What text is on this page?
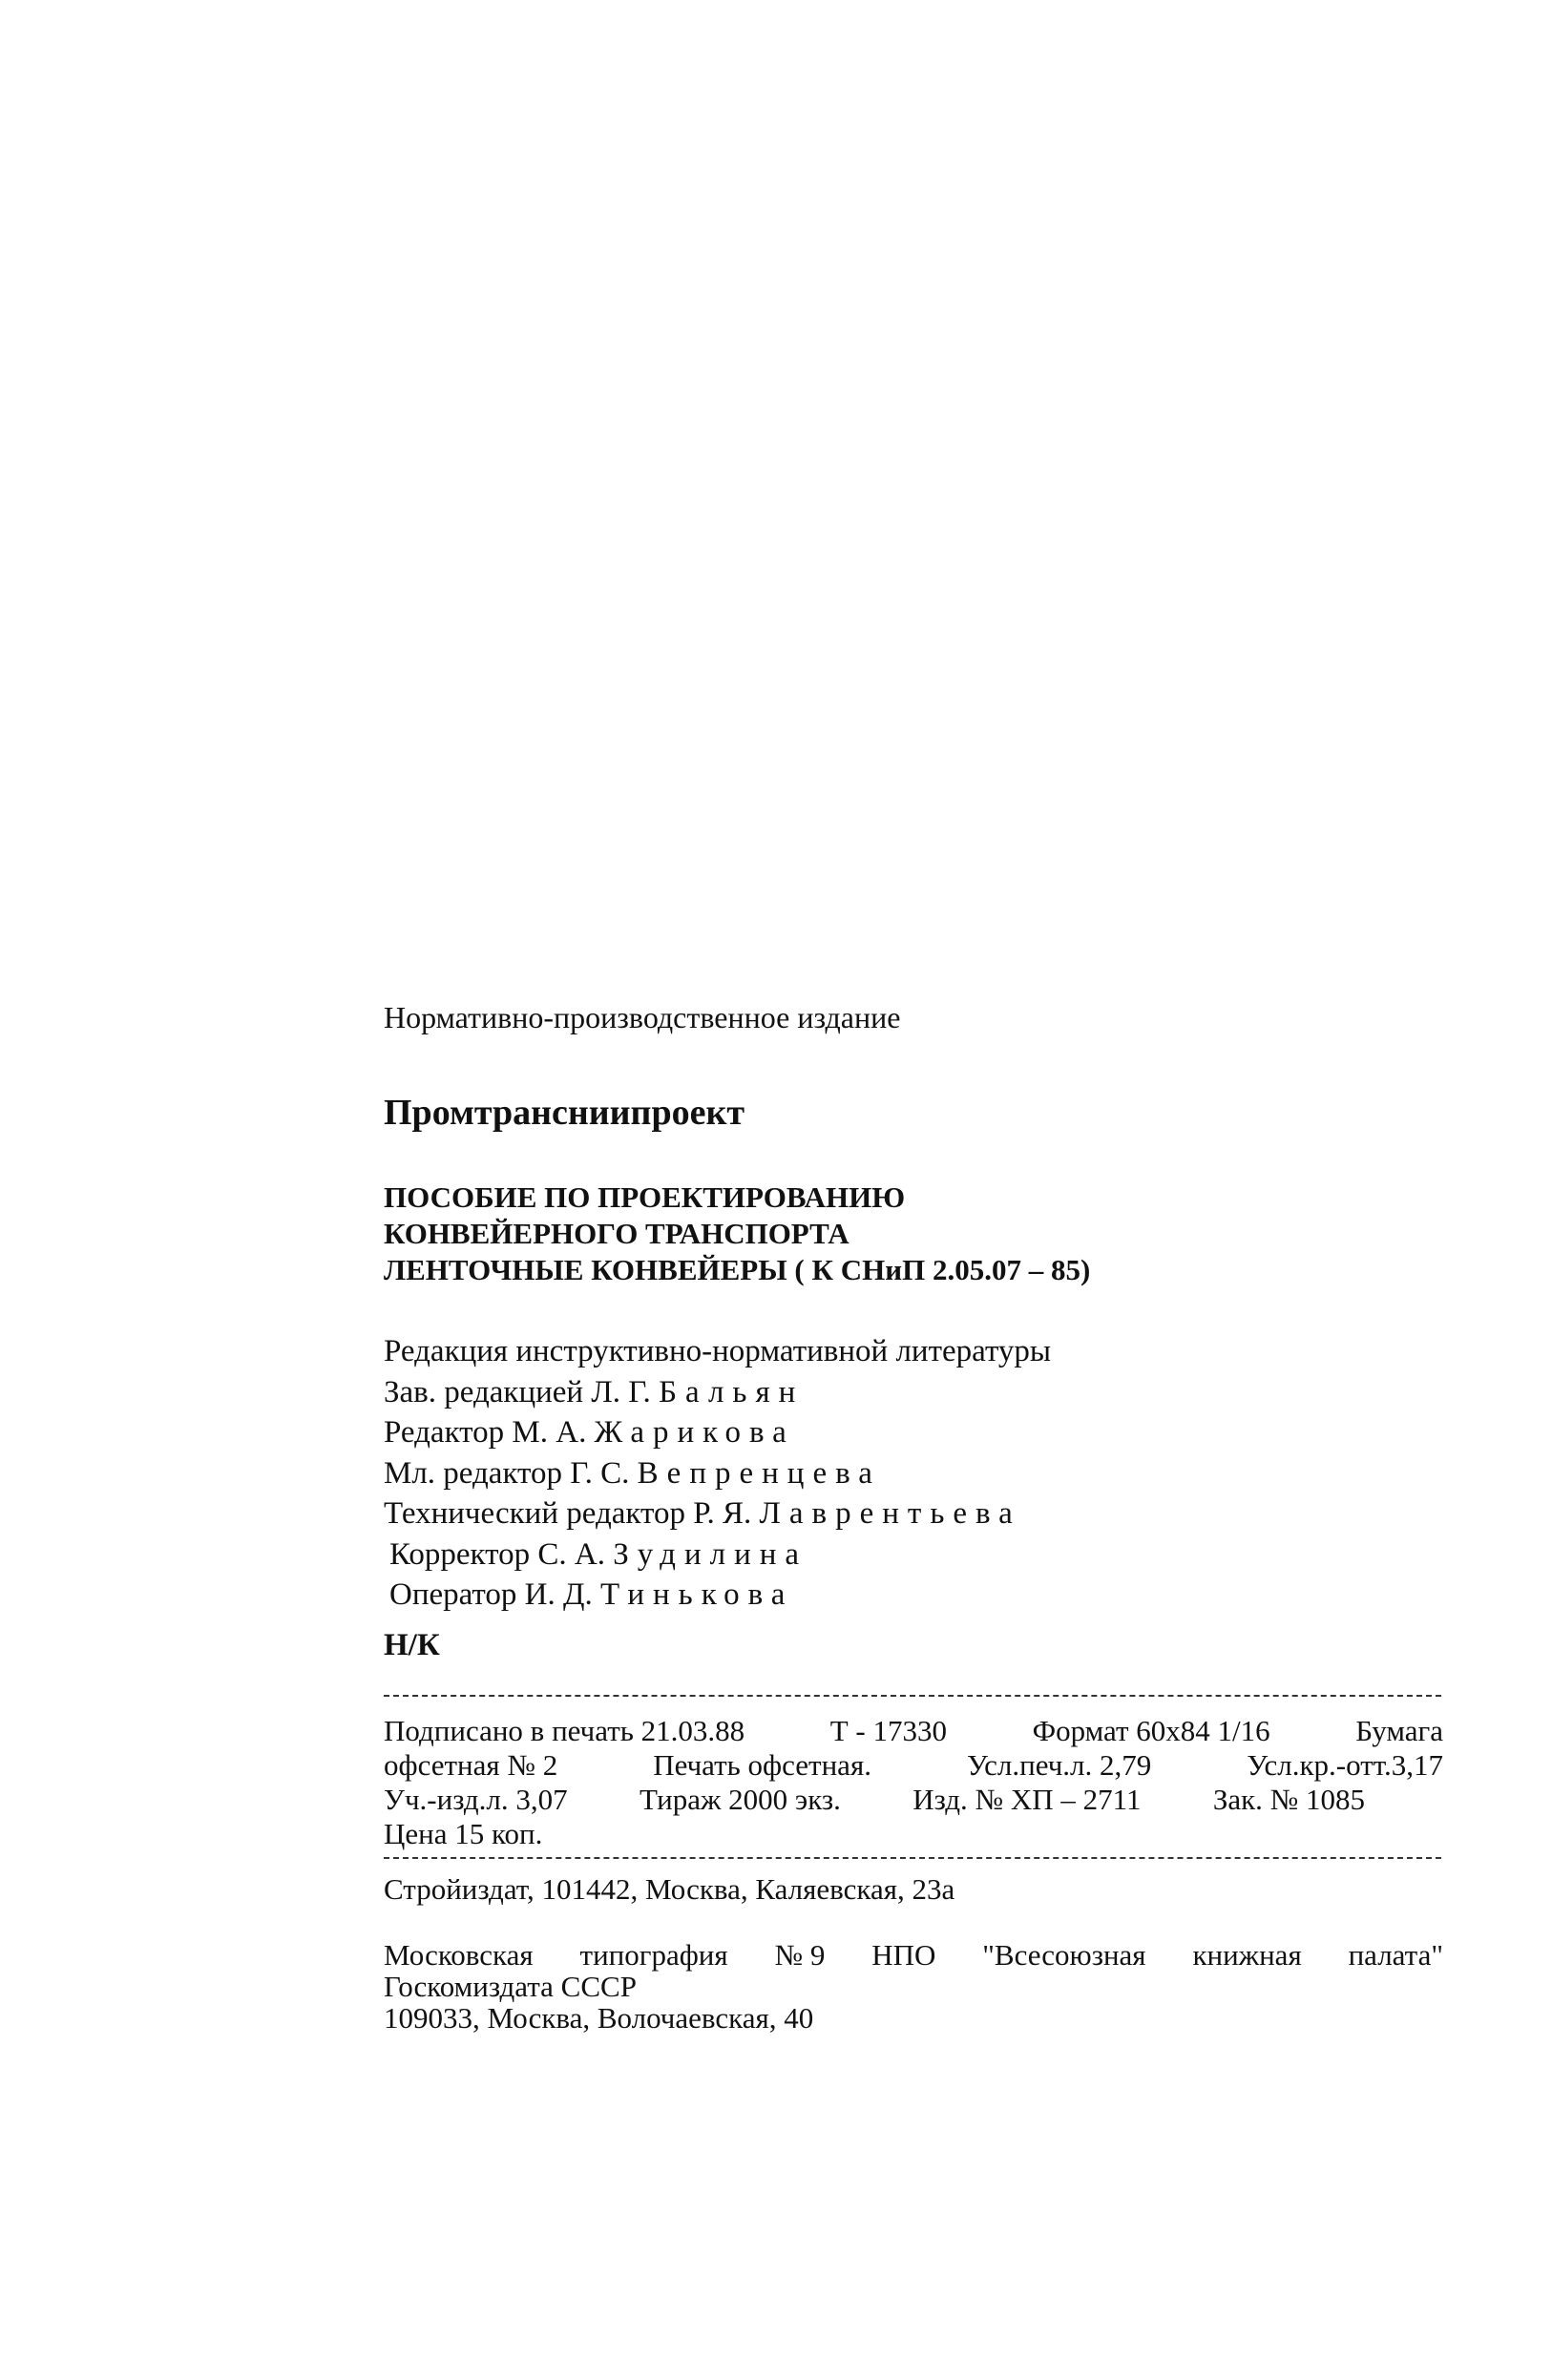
Нормативно-производственное издание
Промтрансниипроект
ПОСОБИЕ ПО ПРОЕКТИРОВАНИЮ
КОНВЕЙЕРНОГО ТРАНСПОРТА
ЛЕНТОЧНЫЕ КОНВЕЙЕРЫ ( К СНиП 2.05.07 – 85)
Редакция инструктивно-нормативной литературы
Зав. редакцией Л. Г. Бальян
Редактор М. А. Жарикова
Мл. редактор Г. С. Вепренцева
Технический редактор Р. Я. Лаврентьева
Корректор С. А. Зудилина
Оператор И. Д. Тинькова
Н/К
Подписано в печать 21.03.88	Т - 17330	Формат 60х84 1/16	Бумага
офсетная № 2	Печать офсетная.	Усл.печ.л. 2,79	Усл.кр.-отт.3,17
Уч.-изд.л. 3,07 Тираж 2000 экз. Изд. № ХП – 2711 Зак. № 1085
Цена 15 коп.
Стройиздат, 101442, Москва, Каляевская, 23а
Московская типография № 9 НПО "Всесоюзная книжная палата"
Госкомиздата СССР
109033, Москва, Волочаевская, 40
